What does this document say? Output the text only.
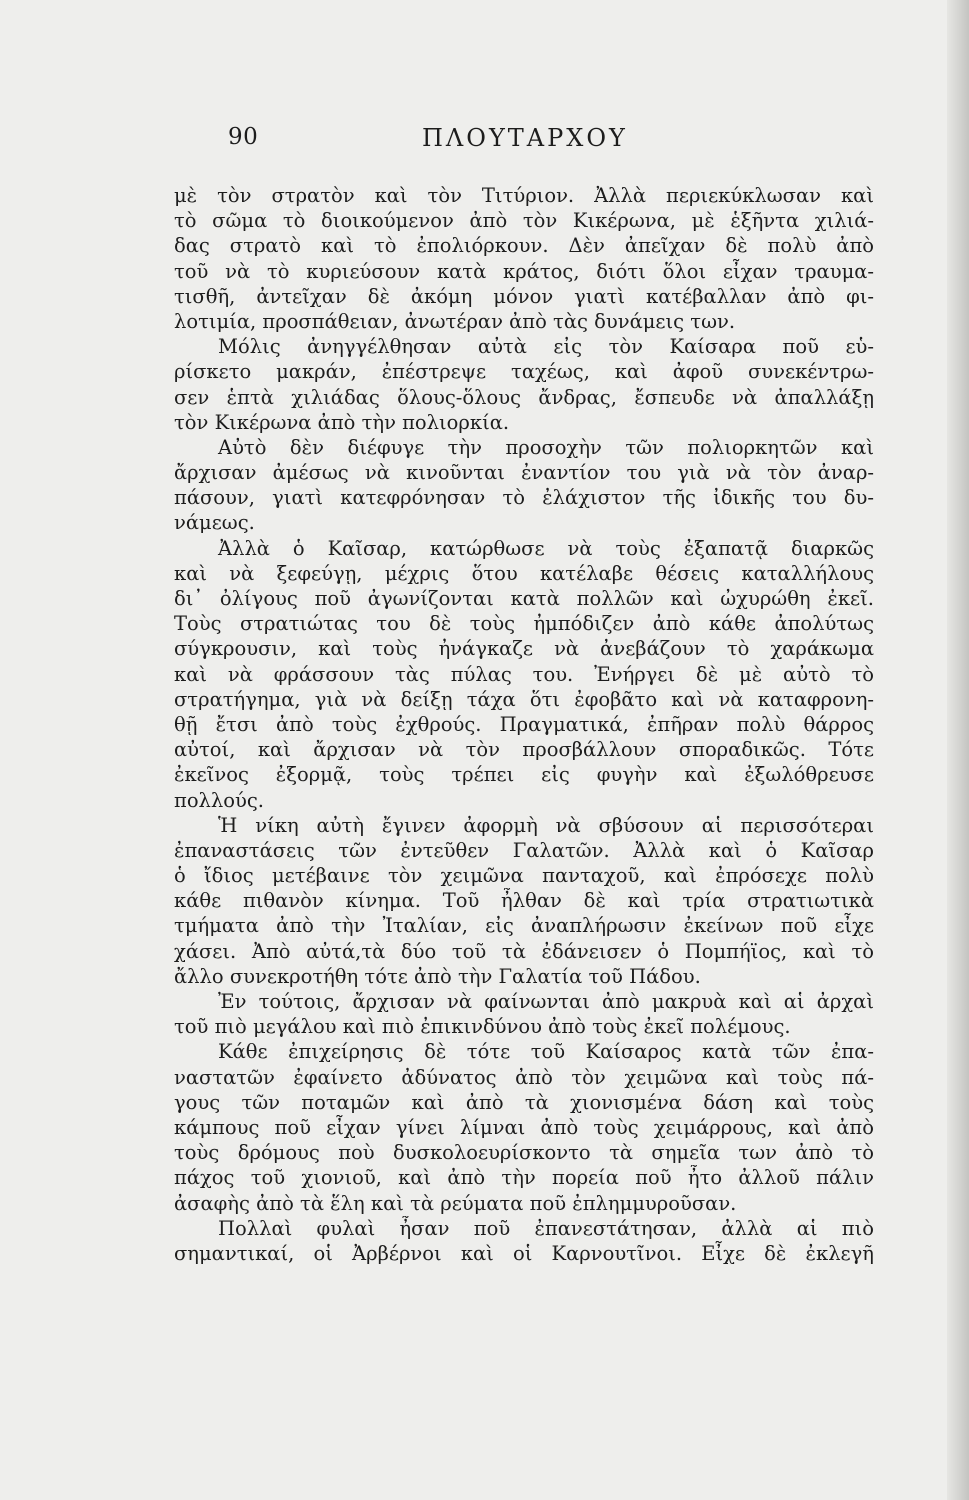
90	ΠΛΟΥΤΑΡΧΟΥ
μὲ τὸν στρατὸν καὶ τὸν Τιτύριον. Ἀλλὰ περιεκύκλωσαν καὶ
τὸ σῶμα τὸ διοικούμενον ἀπὸ τὸν Κικέρωνα, μὲ ἑξῆντα χιλιά-
δας στρατὸ καὶ τὸ ἐπολιόρκουν. Δὲν ἀπεῖχαν δὲ πολὺ ἀπὸ
τοῦ νὰ τὸ κυριεύσουν κατὰ κράτος, διότι ὅλοι εἶχαν τραυμα-
τισθῆ, ἀντεῖχαν δὲ ἀκόμη μόνον γιατὶ κατέβαλλαν ἀπὸ φι-
λοτιμία, προσπάθειαν, ἀνωτέραν ἀπὸ τὰς δυνάμεις των.
Μόλις ἀνηγγέλθησαν αὐτὰ εἰς τὸν Καίσαρα ποῦ εὑ-
ρίσκετο μακράν, ἐπέστρεψε ταχέως, καὶ ἀφοῦ συνεκέντρω-
σεν ἑπτὰ χιλιάδας ὅλους-ὅλους ἄνδρας, ἔσπευδε νὰ ἀπαλλάξῃ
τὸν Κικέρωνα ἀπὸ τὴν πολιορκία.
Αὐτὸ δὲν διέφυγε τὴν προσοχὴν τῶν πολιορκητῶν καὶ
ἄρχισαν ἀμέσως νὰ κινοῦνται ἐναντίον του γιὰ νὰ τὸν ἀναρ-
πάσουν, γιατὶ κατεφρόνησαν τὸ ἐλάχιστον τῆς ἰδικῆς του δυ-
νάμεως.
Ἀλλὰ ὁ Καῖσαρ, κατώρθωσε νὰ τοὺς ἐξαπατᾷ διαρκῶς
καὶ νὰ ξεφεύγῃ, μέχρις ὅτου κατέλαβε θέσεις καταλλήλους
δι᾽ ὀλίγους ποῦ ἀγωνίζονται κατὰ πολλῶν καὶ ὠχυρώθη ἐκεῖ.
Τοὺς στρατιώτας του δὲ τοὺς ἠμπόδιζεν ἀπὸ κάθε ἀπολύτως
σύγκρουσιν, καὶ τοὺς ἠνάγκαζε νὰ ἀνεβάζουν τὸ χαράκωμα
καὶ νὰ φράσσουν τὰς πύλας του. Ἐνήργει δὲ μὲ αὐτὸ τὸ
στρατήγημα, γιὰ νὰ δείξῃ τάχα ὅτι ἐφοβᾶτο καὶ νὰ καταφρονη-
θῇ ἔτσι ἀπὸ τοὺς ἐχθρούς. Πραγματικά, ἐπῆραν πολὺ θάρρος
αὐτοί, καὶ ἄρχισαν νὰ τὸν προσβάλλουν σποραδικῶς. Τότε
ἐκεῖνος ἐξορμᾷ, τοὺς τρέπει εἰς φυγὴν καὶ ἐξωλόθρευσε
πολλούς.
Ἡ νίκη αὐτὴ ἔγινεν ἀφορμὴ νὰ σβύσουν αἱ περισσότεραι
ἐπαναστάσεις τῶν ἐντεῦθεν Γαλατῶν. Ἀλλὰ καὶ ὁ Καῖσαρ
ὁ ἴδιος μετέβαινε τὸν χειμῶνα πανταχοῦ, καὶ ἐπρόσεχε πολὺ
κάθε πιθανὸν κίνημα. Τοῦ ἦλθαν δὲ καὶ τρία στρατιωτικὰ
τμήματα ἀπὸ τὴν Ἰταλίαν, εἰς ἀναπλήρωσιν ἐκείνων ποῦ εἶχε
χάσει. Ἀπὸ αὐτά,τὰ δύο τοῦ τὰ ἐδάνεισεν ὁ Πομπήϊος, καὶ τὸ
ἄλλο συνεκροτήθη τότε ἀπὸ τὴν Γαλατία τοῦ Πάδου.
Ἐν τούτοις, ἄρχισαν νὰ φαίνωνται ἀπὸ μακρυὰ καὶ αἱ ἀρχαὶ
τοῦ πιὸ μεγάλου καὶ πιὸ ἐπικινδύνου ἀπὸ τοὺς ἐκεῖ πολέμους.
Κάθε ἐπιχείρησις δὲ τότε τοῦ Καίσαρος κατὰ τῶν ἐπα-
ναστατῶν ἐφαίνετο ἀδύνατος ἀπὸ τὸν χειμῶνα καὶ τοὺς πά-
γους τῶν ποταμῶν καὶ ἀπὸ τὰ χιονισμένα δάση καὶ τοὺς
κάμπους ποῦ εἶχαν γίνει λίμναι ἀπὸ τοὺς χειμάρρους, καὶ ἀπὸ
τοὺς δρόμους ποὺ δυσκολοευρίσκοντο τὰ σημεῖα των ἀπὸ τὸ
πάχος τοῦ χιονιοῦ, καὶ ἀπὸ τὴν πορεία ποῦ ἦτο ἀλλοῦ πάλιν
ἀσαφὴς ἀπὸ τὰ ἕλη καὶ τὰ ρεύματα ποῦ ἐπλημμυροῦσαν.
Πολλαὶ φυλαὶ ἦσαν ποῦ ἐπανεστάτησαν, ἀλλὰ αἱ πιὸ
σημαντικαί, οἱ Ἀρβέρνοι καὶ οἱ Καρνουτῖνοι. Εἶχε δὲ ἐκλεγῆ
